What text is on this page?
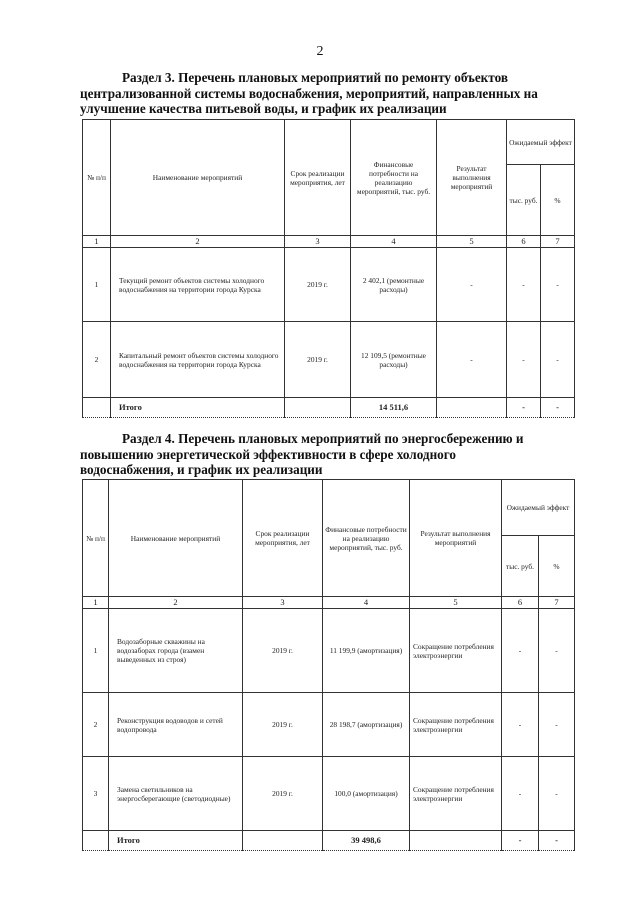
2
Раздел 3. Перечень плановых мероприятий по ремонту объектов
централизованной системы водоснабжения, мероприятий, направленных на
улучшение качества питьевой воды, и график их реализации
№ п/п	Наименование мероприятий	Срок реализации мероприятия, лет	Финансовые потребности на реализацию мероприятий, тыс. руб.	Результат выполнения мероприятий	Ожидаемый эффект	
					тыс. руб.	%
1	2	3	4	5	6	7
1	Текущий ремонт объектов системы холодного водоснабжения на территории города Курска	2019 г.	2 402,1 (ремонтные расходы)	-	-	-
2	Капитальный ремонт объектов системы холодного водоснабжения на территории города Курска	2019 г.	12 109,5 (ремонтные расходы)	-	-	-
	Итого		14 511,6		-	-
Раздел 4. Перечень плановых мероприятий по энергосбережению и
повышению энергетической эффективности в сфере холодного
водоснабжения, и график их реализации
№ п/п	Наименование мероприятий	Срок реализации мероприятия, лет	Финансовые потребности на реализацию мероприятий, тыс. руб.	Результат выполнения мероприятий	Ожидаемый эффект	
					тыс. руб.	%
1	2	3	4	5	6	7
1	Водозаборные скважины на водозаборах города (взамен выведенных из строя)	2019 г.	11 199,9 (амортизация)	Сокращение потребления электроэнергии	-	-
2	Реконструкция водоводов и сетей водопровода	2019 г.	28 198,7 (амортизация)	Сокращение потребления электроэнергии	-	-
3	Замена светильников на энергосберегающие (светодиодные)	2019 г.	100,0 (амортизация)	Сокращение потребления электроэнергии	-	-
	Итого		39 498,6		-	-
